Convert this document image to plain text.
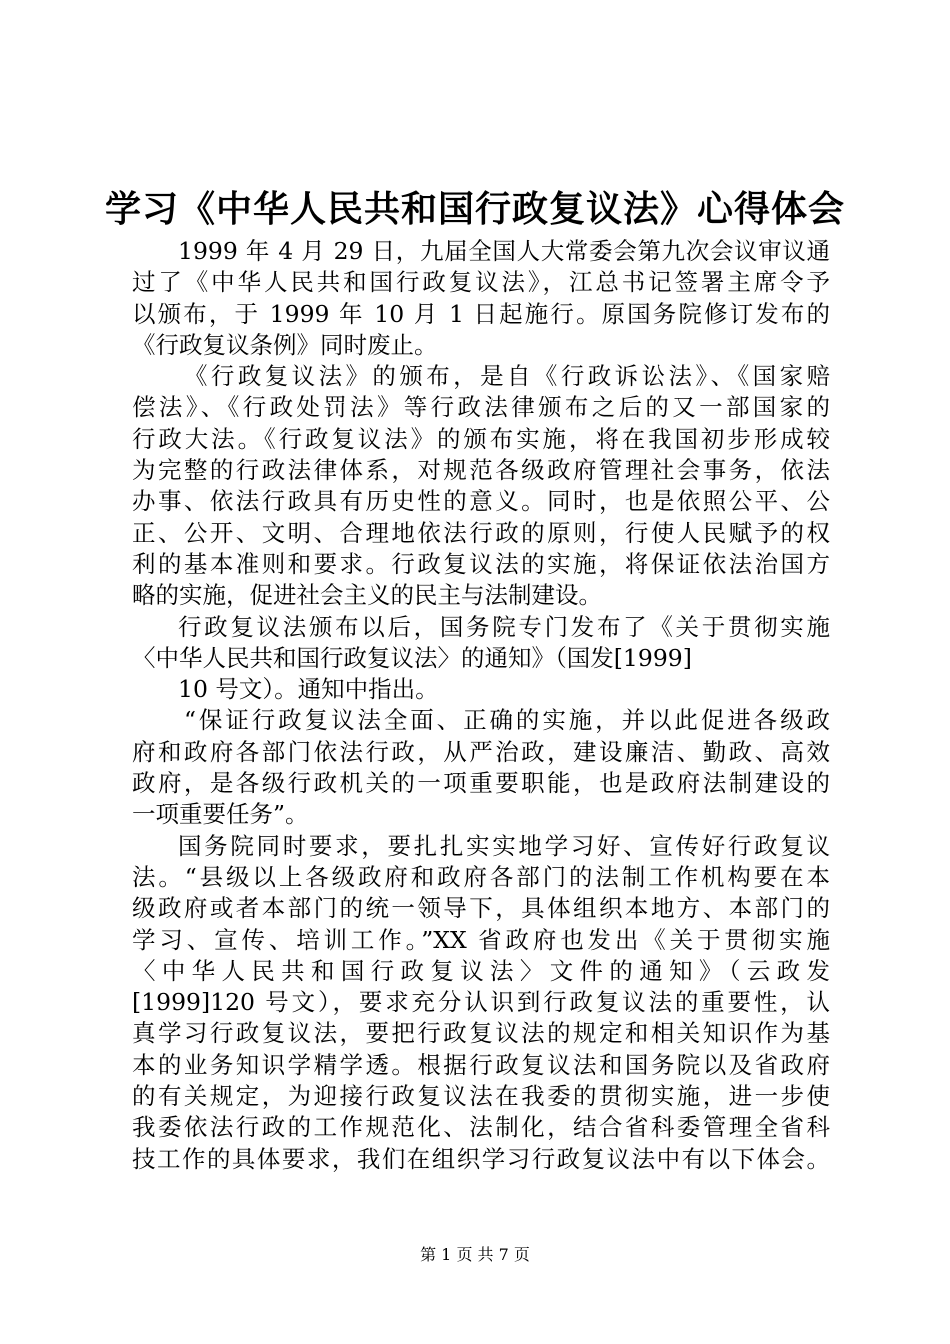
学习《中华人民共和国行政复议法》心得体会
1999 年 4 月 29 日，九届全国人大常委会第九次会议审议通
过了《中华人民共和国行政复议法》，江总书记签署主席令予
以颁布，于 1999 年 10 月 1 日起施行。原国务院修订发布的
《行政复议条例》同时废止。
《行政复议法》的颁布，是自《行政诉讼法》、《国家赔
偿法》、《行政处罚法》等行政法律颁布之后的又一部国家的
行政大法。《行政复议法》的颁布实施，将在我国初步形成较
为完整的行政法律体系，对规范各级政府管理社会事务，依法
办事、依法行政具有历史性的意义。同时，也是依照公平、公
正、公开、文明、合理地依法行政的原则，行使人民赋予的权
利的基本准则和要求。行政复议法的实施，将保证依法治国方
略的实施，促进社会主义的民主与法制建设。
行政复议法颁布以后，国务院专门发布了《关于贯彻实施
〈中华人民共和国行政复议法〉的通知》（国发[1999]
10 号文）。通知中指出。
“保证行政复议法全面、正确的实施，并以此促进各级政
府和政府各部门依法行政，从严治政，建设廉洁、勤政、高效
政府，是各级行政机关的一项重要职能，也是政府法制建设的
一项重要任务”。
国务院同时要求，要扎扎实实地学习好、宣传好行政复议
法。“县级以上各级政府和政府各部门的法制工作机构要在本
级政府或者本部门的统一领导下，具体组织本地方、本部门的
学习、宣传、培训工作。”XX 省政府也发出《关于贯彻实施
〈中华人民共和国行政复议法〉文件的通知》（云政发
[1999]120 号文），要求充分认识到行政复议法的重要性，认
真学习行政复议法，要把行政复议法的规定和相关知识作为基
本的业务知识学精学透。根据行政复议法和国务院以及省政府
的有关规定，为迎接行政复议法在我委的贯彻实施，进一步使
我委依法行政的工作规范化、法制化，结合省科委管理全省科
技工作的具体要求，我们在组织学习行政复议法中有以下体会。
第 1 页 共 7 页
